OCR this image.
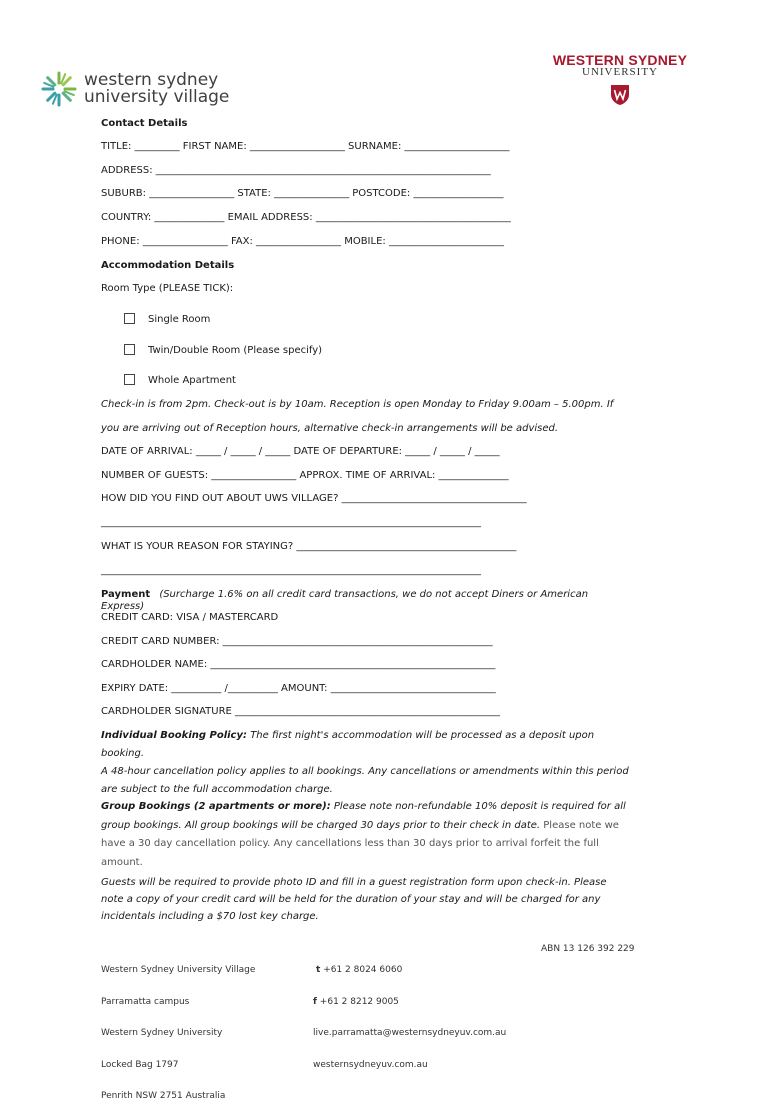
western sydney
university village
WESTERN SYDNEY
UNIVERSITY
Contact Details
TITLE: _________ FIRST NAME: ___________________ SURNAME: _____________________
ADDRESS: ___________________________________________________________________
SUBURB: _________________ STATE: _______________ POSTCODE: __________________
COUNTRY: ______________ EMAIL ADDRESS: _______________________________________
PHONE: _________________ FAX: _________________ MOBILE: _______________________
Accommodation Details
Room Type (PLEASE TICK):
Single Room
Twin/Double Room (Please specify)
Whole Apartment
Check-in is from 2pm. Check-out is by 10am. Reception is open Monday to Friday 9.00am – 5.00pm. If
you are arriving out of Reception hours, alternative check-in arrangements will be advised.
DATE OF ARRIVAL: _____ / _____ / _____ DATE OF DEPARTURE: _____ / _____ / _____
NUMBER OF GUESTS: _________________ APPROX. TIME OF ARRIVAL: ______________
HOW DID YOU FIND OUT ABOUT UWS VILLAGE? _____________________________________
____________________________________________________________________________
WHAT IS YOUR REASON FOR STAYING? ____________________________________________
____________________________________________________________________________
Payment (Surcharge 1.6% on all credit card transactions, we do not accept Diners or American
Express)
CREDIT CARD: VISA / MASTERCARD
CREDIT CARD NUMBER: ______________________________________________________
CARDHOLDER NAME: _________________________________________________________
EXPIRY DATE: __________ /__________ AMOUNT: _________________________________
CARDHOLDER SIGNATURE _____________________________________________________
Individual Booking Policy: The first night's accommodation will be processed as a deposit upon
booking.
A 48-hour cancellation policy applies to all bookings. Any cancellations or amendments within this period
are subject to the full accommodation charge.
Group Bookings (2 apartments or more): Please note non-refundable 10% deposit is required for all
group bookings. All group bookings will be charged 30 days prior to their check in date. Please note we
have a 30 day cancellation policy. Any cancellations less than 30 days prior to arrival forfeit the full
amount.
Guests will be required to provide photo ID and fill in a guest registration form upon check-in. Please
note a copy of your credit card will be held for the duration of your stay and will be charged for any
incidentals including a $70 lost key charge.

Western Sydney University Village

Parramatta campus

Western Sydney University

Locked Bag 1797

Penrith NSW 2751 Australia

t +61 2 8024 6060

f +61 2 8212 9005

live.parramatta@westernsydneyuv.com.au

westernsydneyuv.com.au

ABN 13 126 392 229
